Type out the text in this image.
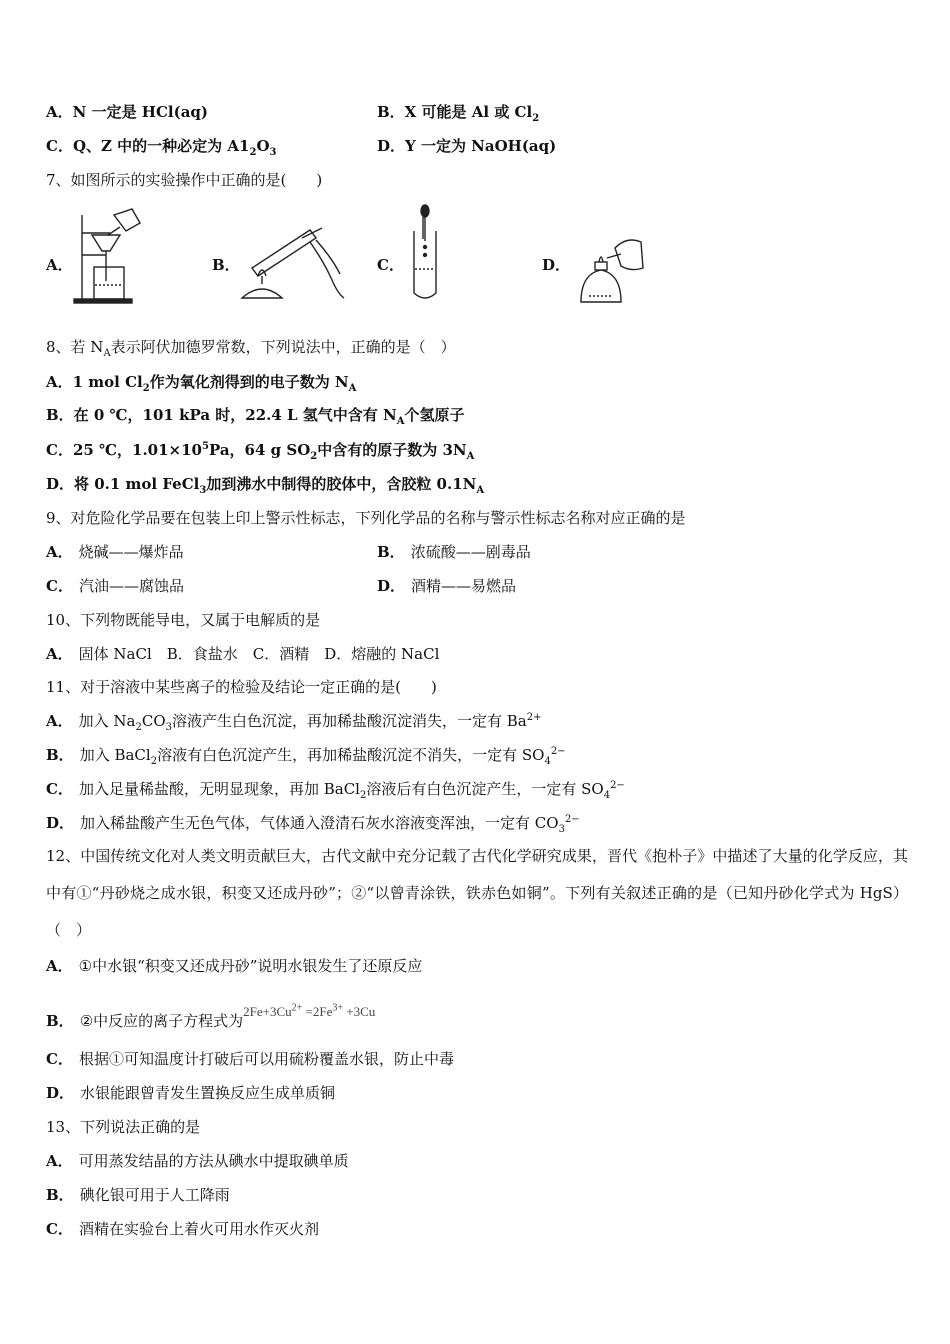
A．N 一定是 HCl(aq)	B．X 可能是 Al 或 $Cl_2$
C．Q、Z 中的一种必定为 $A1_2O_3$	D．Y 一定为 NaOH(aq)
7、如图所示的实验操作中正确的是(　　)
A．	B．	C．	D．
8、若 $N_A$表示阿伏加德罗常数，下列说法中，正确的是（　）
A．1 mol $Cl_2$作为氧化剂得到的电子数为 $N_A$
B．在 0 ℃，101 kPa 时，22.4 L 氢气中含有 $N_A$个氢原子
C．25 ℃，$1.01\times 10^5Pa$，64 g $SO_2$中含有的原子数为 $3N_A$
D．将 0.1 mol FeCl$_3$加到沸水中制得的胶体中，含胶粒 $0.1N_A$
9、对危险化学品要在包装上印上警示性标志，下列化学品的名称与警示性标志名称对应正确的是
A． 烧碱——爆炸品	B． 浓硫酸——剧毒品
C． 汽油——腐蚀品	D． 酒精——易燃品
10、下列物既能导电，又属于电解质的是
A． 固体 NaCl　B．食盐水　C．酒精　D．熔融的 NaCl
11、对于溶液中某些离子的检验及结论一定正确的是(　　)
A． 加入 $Na_2CO_3$溶液产生白色沉淀，再加稀盐酸沉淀消失，一定有 $Ba^{2+}$
B． 加入 BaCl$_2$溶液有白色沉淀产生，再加稀盐酸沉淀不消失，一定有 $SO_4^{2-}$
C． 加入足量稀盐酸，无明显现象，再加 BaCl$_2$溶液后有白色沉淀产生，一定有 $SO_4^{2-}$
D． 加入稀盐酸产生无色气体，气体通入澄清石灰水溶液变浑浊，一定有 $CO_3^{2-}$
12、中国传统文化对人类文明贡献巨大，古代文献中充分记载了古代化学研究成果，晋代《抱朴子》中描述了大量的化学反应，其中有①“丹砂烧之成水银，积变又还成丹砂”；②“以曾青涂铁，铁赤色如铜”。下列有关叙述正确的是（已知丹砂化学式为 HgS）（　）
A． ①中水银“积变又还成丹砂”说明水银发生了还原反应
B． ②中反应的离子方程式为$2Fe+3Cu^{2+} =2Fe^{3+} +3Cu$
C． 根据①可知温度计打破后可以用硫粉覆盖水银，防止中毒
D． 水银能跟曾青发生置换反应生成单质铜
13、下列说法正确的是
A． 可用蒸发结晶的方法从碘水中提取碘单质
B． 碘化银可用于人工降雨
C． 酒精在实验台上着火可用水作灭火剂
